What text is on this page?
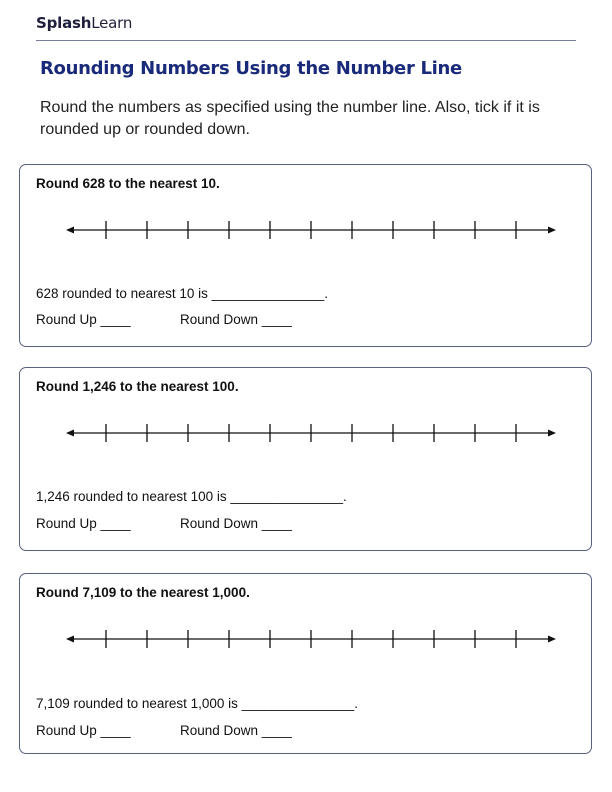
SplashLearn
Rounding Numbers Using the Number Line

Round the numbers as specified using the number line. Also, tick if it is rounded up or rounded down.

Round 628 to the nearest 10.
628 rounded to nearest 10 is _______________.
Round Up ____	Round Down ____
Round 1,246 to the nearest 100.
1,246 rounded to nearest 100 is _______________.
Round Up ____	Round Down ____
Round 7,109 to the nearest 1,000.
7,109 rounded to nearest 1,000 is _______________.
Round Up ____	Round Down ____
